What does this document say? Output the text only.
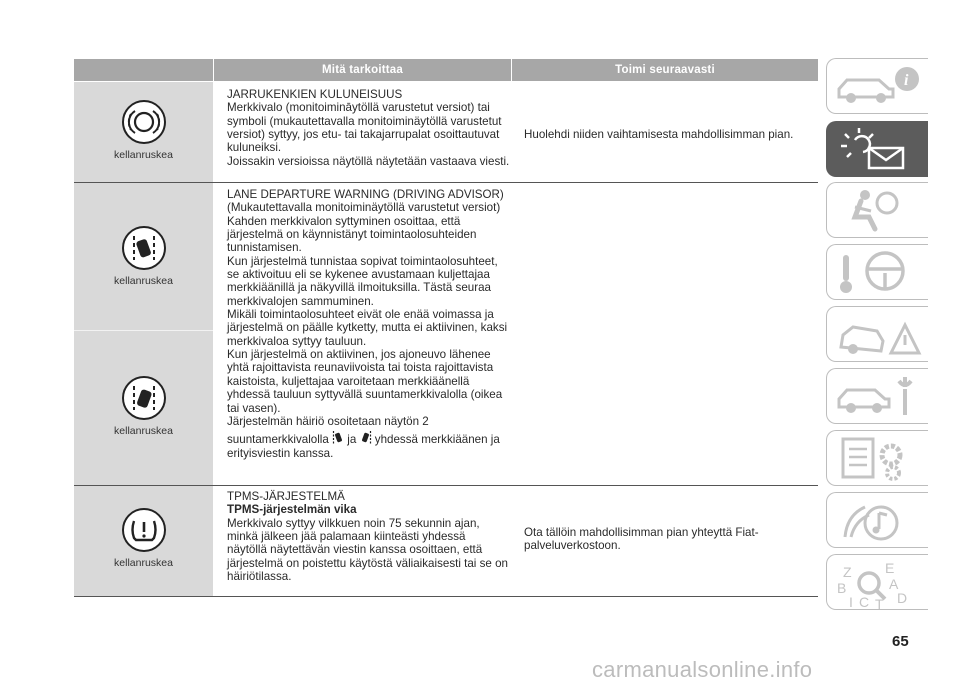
Mitä tarkoittaa	Toimi seuraavasti
kellanruskea
JARRUKENKIEN KULUNEISUUS
Merkkivalo (monitoimināytöllä varustetut versiot) tai
symboli (mukautettavalla monitoiminäytöllä varustetut
versiot) syttyy, jos etu- tai takajarrupalat osoittautuvat
kuluneiksi.
Joissakin versioissa näytöllä näytetään vastaava viesti.
Huolehdi niiden vaihtamisesta mahdollisimman pian.
kellanruskea
kellanruskea
LANE DEPARTURE WARNING (DRIVING ADVISOR)
(Mukautettavalla monitoiminäytöllä varustetut versiot)
Kahden merkkivalon syttyminen osoittaa, että
järjestelmä on käynnistänyt toimintaolosuhteiden
tunnistamisen.
Kun järjestelmä tunnistaa sopivat toimintaolosuhteet,
se aktivoituu eli se kykenee avustamaan kuljettajaa
merkkiäänillä ja näkyvillä ilmoituksilla. Tästä seuraa
merkkivalojen sammuminen.
Mikäli toimintaolosuhteet eivät ole enää voimassa ja
järjestelmä on päälle kytketty, mutta ei aktiivinen, kaksi
merkkivaloa syttyy tauluun.
Kun järjestelmä on aktiivinen, jos ajoneuvo lähenee
yhtä rajoittavista reunaviivoista tai toista rajoittavista
kaistoista, kuljettajaa varoitetaan merkkiäänellä
yhdessä tauluun syttyvällä suuntamerkkivalolla (oikea
tai vasen).
Järjestelmän häiriö osoitetaan näytön 2
suuntamerkkivalolla ja yhdessä merkkiäänen ja
erityisviestin kanssa.
kellanruskea
TPMS-JÄRJESTELMÄ
TPMS-järjestelmän vika
Merkkivalo syttyy vilkkuen noin 75 sekunnin ajan,
minkä jälkeen jää palamaan kiinteästi yhdessä
näytöllä näytettävän viestin kanssa osoittaen, että
järjestelmä on poistettu käytöstä väliaikaisesti tai se on
häiriötilassa.
Ota tällöin mahdollisimman pian yhteyttä Fiat-
palveluverkostoon.
i
Z E
B	A
I C T D
65
carmanualsonline.info
